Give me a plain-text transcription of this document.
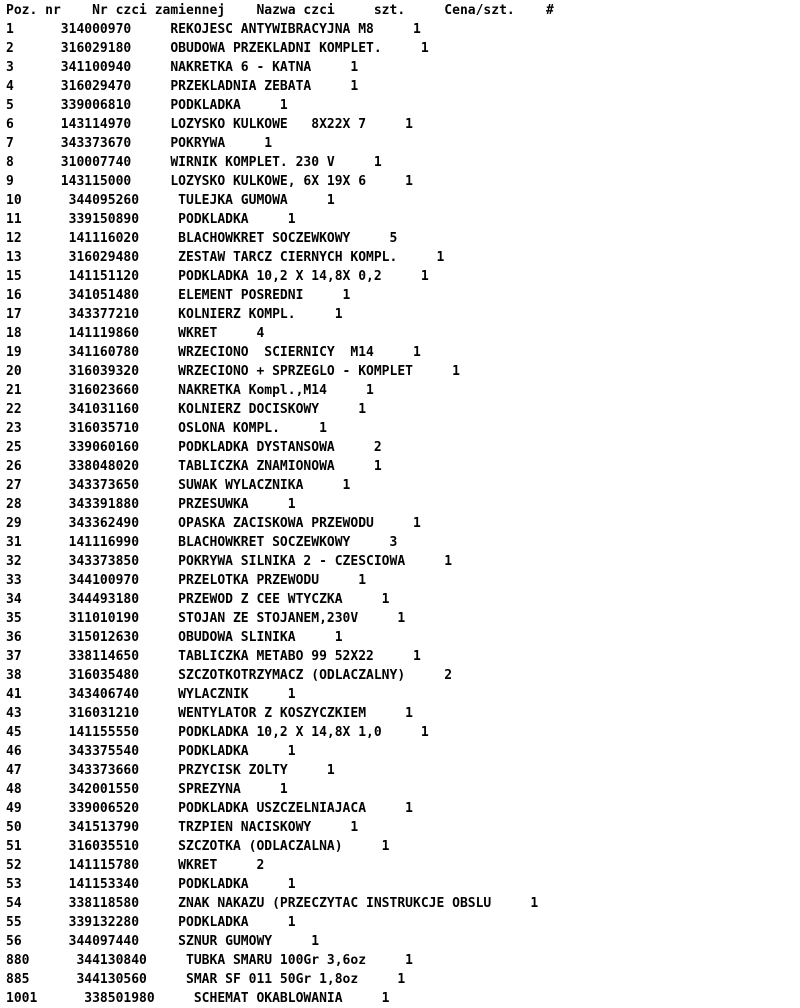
Poz. nr    Nr czci zamiennej    Nazwa czci     szt.     Cena/szt.    #
1      314000970     REKOJESC ANTYWIBRACYJNA M8     1
2      316029180     OBUDOWA PRZEKLADNI KOMPLET.     1
3      341100940     NAKRETKA 6 - KATNA     1
4      316029470     PRZEKLADNIA ZEBATA     1
5      339006810     PODKLADKA     1
6      143114970     LOZYSKO KULKOWE   8X22X 7     1
7      343373670     POKRYWA     1
8      310007740     WIRNIK KOMPLET. 230 V     1
9      143115000     LOZYSKO KULKOWE, 6X 19X 6     1
10      344095260     TULEJKA GUMOWA     1
11      339150890     PODKLADKA     1
12      141116020     BLACHOWKRET SOCZEWKOWY     5
13      316029480     ZESTAW TARCZ CIERNYCH KOMPL.     1
15      141151120     PODKLADKA 10,2 X 14,8X 0,2     1
16      341051480     ELEMENT POSREDNI     1
17      343377210     KOLNIERZ KOMPL.     1
18      141119860     WKRET     4
19      341160780     WRZECIONO  SCIERNICY  M14     1
20      316039320     WRZECIONO + SPRZEGLO - KOMPLET     1
21      316023660     NAKRETKA Kompl.,M14     1
22      341031160     KOLNIERZ DOCISKOWY     1
23      316035710     OSLONA KOMPL.     1
25      339060160     PODKLADKA DYSTANSOWA     2
26      338048020     TABLICZKA ZNAMIONOWA     1
27      343373650     SUWAK WYLACZNIKA     1
28      343391880     PRZESUWKA     1
29      343362490     OPASKA ZACISKOWA PRZEWODU     1
31      141116990     BLACHOWKRET SOCZEWKOWY     3
32      343373850     POKRYWA SILNIKA 2 - CZESCIOWA     1
33      344100970     PRZELOTKA PRZEWODU     1
34      344493180     PRZEWOD Z CEE WTYCZKA     1
35      311010190     STOJAN ZE STOJANEM,230V     1
36      315012630     OBUDOWA SLINIKA     1
37      338114650     TABLICZKA METABO 99 52X22     1
38      316035480     SZCZOTKOTRZYMACZ (ODLACZALNY)     2
41      343406740     WYLACZNIK     1
43      316031210     WENTYLATOR Z KOSZYCZKIEM     1
45      141155550     PODKLADKA 10,2 X 14,8X 1,0     1
46      343375540     PODKLADKA     1
47      343373660     PRZYCISK ZOLTY     1
48      342001550     SPREZYNA     1
49      339006520     PODKLADKA USZCZELNIAJACA     1
50      341513790     TRZPIEN NACISKOWY     1
51      316035510     SZCZOTKA (ODLACZALNA)     1
52      141115780     WKRET     2
53      141153340     PODKLADKA     1
54      338118580     ZNAK NAKAZU (PRZECZYTAC INSTRUKCJE OBSLU     1
55      339132280     PODKLADKA     1
56      344097440     SZNUR GUMOWY     1
880      344130840     TUBKA SMARU 100Gr 3,6oz     1
885      344130560     SMAR SF 011 50Gr 1,8oz     1
1001      338501980     SCHEMAT OKABLOWANIA     1
